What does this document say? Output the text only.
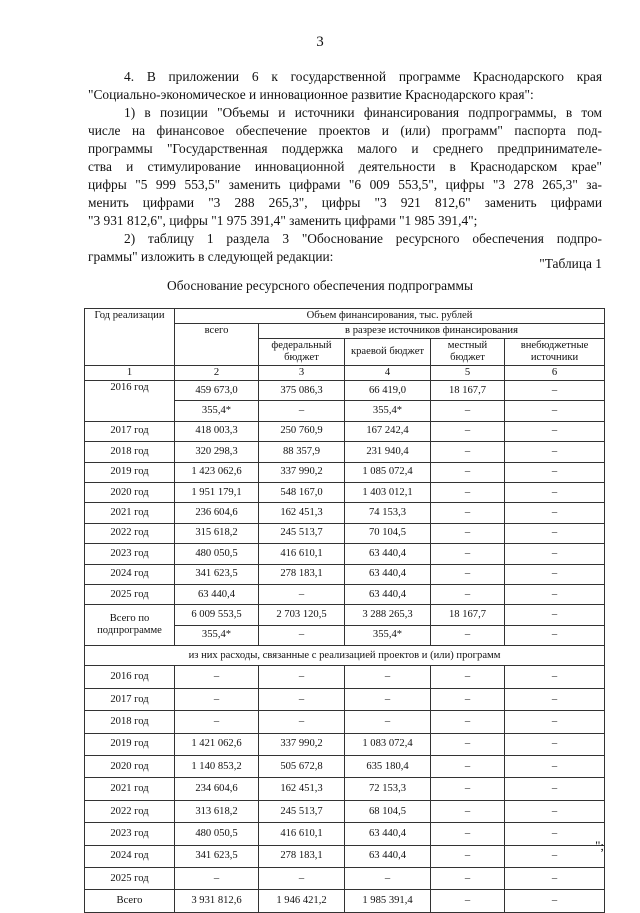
3
4. В приложении 6 к государственной программе Краснодарского края
"Социально-экономическое и инновационное развитие Краснодарского края":
1) в позиции "Объемы и источники финансирования подпрограммы, в том
числе на финансовое обеспечение проектов и (или) программ" паспорта под-
программы "Государственная поддержка малого и среднего предпринимателе-
ства и стимулирование инновационной деятельности в Краснодарском крае"
цифры "5 999 553,5" заменить цифрами "6 009 553,5", цифры "3 278 265,3" за-
менить цифрами "3 288 265,3", цифры "3 921 812,6" заменить цифрами
"3 931 812,6", цифры "1 975 391,4" заменить цифрами "1 985 391,4";
2) таблицу 1 раздела 3 "Обоснование ресурсного обеспечения подпро-
граммы" изложить в следующей редакции:	"Таблица 1
Обоснование ресурсного обеспечения подпрограммы
Год реализации	Объем финансирования, тыс. рублей				
	всего	в разрезе источников финансирования			
		федеральный бюджет	краевой бюджет	местный бюджет	внебюджетные источники
1	2	3	4	5	6
2016 год	459 673,0	375 086,3	66 419,0	18 167,7	–
	355,4*	–	355,4*	–	–
2017 год	418 003,3	250 760,9	167 242,4	–	–
2018 год	320 298,3	88 357,9	231 940,4	–	–
2019 год	1 423 062,6	337 990,2	1 085 072,4	–	–
2020 год	1 951 179,1	548 167,0	1 403 012,1	–	–
2021 год	236 604,6	162 451,3	74 153,3	–	–
2022 год	315 618,2	245 513,7	70 104,5	–	–
2023 год	480 050,5	416 610,1	63 440,4	–	–
2024 год	341 623,5	278 183,1	63 440,4	–	–
2025 год	63 440,4	–	63 440,4	–	–
Всего по подпрограмме	6 009 553,5	2 703 120,5	3 288 265,3	18 167,7	–
	355,4*	–	355,4*	–	–
из них расходы, связанные с реализацией проектов и (или) программ					
2016 год	–	–	–	–	–
2017 год	–	–	–	–	–
2018 год	–	–	–	–	–
2019 год	1 421 062,6	337 990,2	1 083 072,4	–	–
2020 год	1 140 853,2	505 672,8	635 180,4	–	–
2021 год	234 604,6	162 451,3	72 153,3	–	–
2022 год	313 618,2	245 513,7	68 104,5	–	–
2023 год	480 050,5	416 610,1	63 440,4	–	–
2024 год	341 623,5	278 183,1	63 440,4	–	–
2025 год	–	–	–	–	–
Всего	3 931 812,6	1 946 421,2	1 985 391,4	–	–
";
